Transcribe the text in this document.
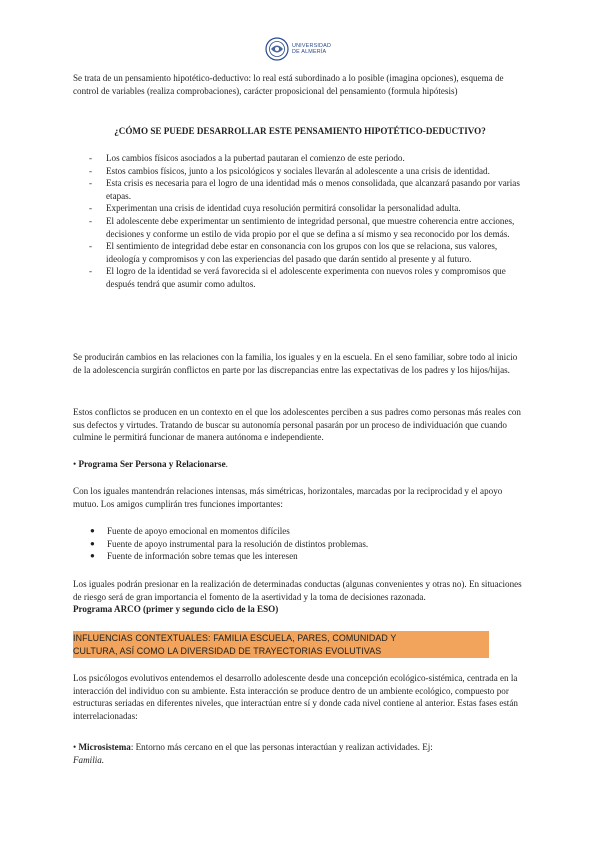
UNIVERSIDAD
DE ALMERÍA

Se trata de un pensamiento hipotético-deductivo: lo real está subordinado a lo posible (imagina opciones), esquema de control de variables (realiza comprobaciones), carácter proposicional del pensamiento (formula hipótesis)

¿CÓMO SE PUEDE DESARROLLAR ESTE PENSAMIENTO HIPOTÉTICO-DEDUCTIVO?
- Los cambios físicos asociados a la pubertad pautaran el comienzo de este periodo.
- Estos cambios físicos, junto a los psicológicos y sociales llevarán al adolescente a una crisis de identidad.
- Esta crisis es necesaria para el logro de una identidad más o menos consolidada, que alcanzará pasando por varias etapas.
- Experimentan una crisis de identidad cuya resolución permitirá consolidar la personalidad adulta.
- El adolescente debe experimentar un sentimiento de integridad personal, que muestre coherencia entre acciones, decisiones y conforme un estilo de vida propio por el que se defina a sí mismo y sea reconocido por los demás.
- El sentimiento de integridad debe estar en consonancia con los grupos con los que se relaciona, sus valores, ideología y compromisos y con las experiencias del pasado que darán sentido al presente y al futuro.
- El logro de la identidad se verá favorecida si el adolescente experimenta con nuevos roles y compromisos que después tendrá que asumir como adultos.

Se producirán cambios en las relaciones con la familia, los iguales y en la escuela. En el seno familiar, sobre todo al inicio de la adolescencia surgirán conflictos en parte por las discrepancias entre las expectativas de los padres y los hijos/hijas.

Estos conflictos se producen en un contexto en el que los adolescentes perciben a sus padres como personas más reales con sus defectos y virtudes. Tratando de buscar su autonomía personal pasarán por un proceso de individuación que cuando culmine le permitirá funcionar de manera autónoma e independiente.

• Programa Ser Persona y Relacionarse.

Con los iguales mantendrán relaciones intensas, más simétricas, horizontales, marcadas por la reciprocidad y el apoyo mutuo. Los amigos cumplirán tres funciones importantes:

● Fuente de apoyo emocional en momentos difíciles
● Fuente de apoyo instrumental para la resolución de distintos problemas.
● Fuente de información sobre temas que les interesen

Los iguales podrán presionar en la realización de determinadas conductas (algunas convenientes y otras no). En situaciones de riesgo será de gran importancia el fomento de la asertividad y la toma de decisiones razonada.

Programa ARCO (primer y segundo ciclo de la ESO)

INFLUENCIAS CONTEXTUALES: FAMILIA ESCUELA, PARES, COMUNIDAD Y
CULTURA, ASÍ COMO LA DIVERSIDAD DE TRAYECTORIAS EVOLUTIVAS

Los psicólogos evolutivos entendemos el desarrollo adolescente desde una concepción ecológico-sistémica, centrada en la interacción del individuo con su ambiente. Esta interacción se produce dentro de un ambiente ecológico, compuesto por estructuras seriadas en diferentes niveles, que interactúan entre sí y donde cada nivel contiene al anterior. Estas fases están interrelacionadas:

• Microsistema: Entorno más cercano en el que las personas interactúan y realizan actividades. Ej:
Familia.
